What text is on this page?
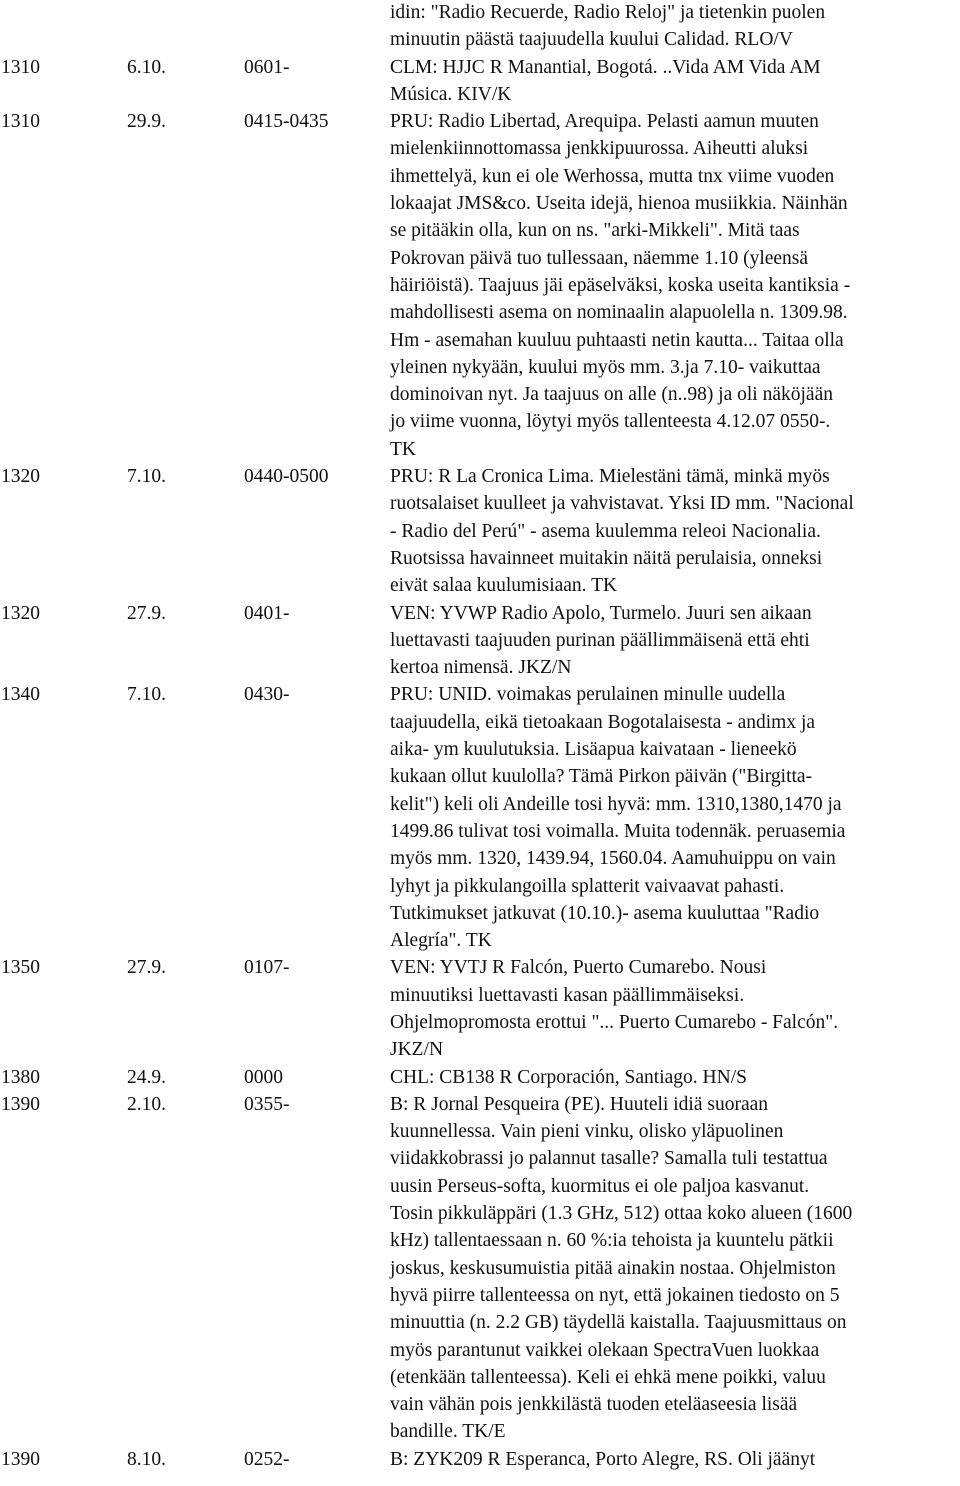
idin: "Radio Recuerde, Radio Reloj" ja tietenkin puolen
minuutin päästä taajuudella kuului Calidad. RLO/V
1310	6.10.	0601-	CLM: HJJC R Manantial, Bogotá. ..Vida AM Vida AM
Música. KIV/K
1310	29.9.	0415-0435	PRU: Radio Libertad, Arequipa. Pelasti aamun muuten
mielenkiinnottomassa jenkkipuurossa. Aiheutti aluksi
ihmettelyä, kun ei ole Werhossa, mutta tnx viime vuoden
lokaajat JMS&co. Useita idejä, hienoa musiikkia. Näinhän
se pitääkin olla, kun on ns. "arki-Mikkeli". Mitä taas
Pokrovan päivä tuo tullessaan, näemme 1.10 (yleensä
häiriöistä). Taajuus jäi epäselväksi, koska useita kantiksia -
mahdollisesti asema on nominaalin alapuolella n. 1309.98.
Hm - asemahan kuuluu puhtaasti netin kautta... Taitaa olla
yleinen nykyään, kuului myös mm. 3.ja 7.10- vaikuttaa
dominoivan nyt. Ja taajuus on alle (n..98) ja oli näköjään
jo viime vuonna, löytyi myös tallenteesta 4.12.07 0550-.
TK
1320	7.10.	0440-0500	PRU: R La Cronica Lima. Mielestäni tämä, minkä myös
ruotsalaiset kuulleet ja vahvistavat. Yksi ID mm. "Nacional
- Radio del Perú" - asema kuulemma releoi Nacionalia.
Ruotsissa havainneet muitakin näitä perulaisia, onneksi
eivät salaa kuulumisiaan. TK
1320	27.9.	0401-	VEN: YVWP Radio Apolo, Turmelo. Juuri sen aikaan
luettavasti taajuuden purinan päällimmäisenä että ehti
kertoa nimensä. JKZ/N
1340	7.10.	0430-	PRU: UNID. voimakas perulainen minulle uudella
taajuudella, eikä tietoakaan Bogotalaisesta - andimx ja
aika- ym kuulutuksia. Lisäapua kaivataan - lieneekö
kukaan ollut kuulolla? Tämä Pirkon päivän ("Birgitta-
kelit") keli oli Andeille tosi hyvä: mm. 1310,1380,1470 ja
1499.86 tulivat tosi voimalla. Muita todennäk. peruasemia
myös mm. 1320, 1439.94, 1560.04. Aamuhuippu on vain
lyhyt ja pikkulangoilla splatterit vaivaavat pahasti.
Tutkimukset jatkuvat (10.10.)- asema kuuluttaa "Radio
Alegría". TK
1350	27.9.	0107-	VEN: YVTJ R Falcón, Puerto Cumarebo. Nousi
minuutiksi luettavasti kasan päällimmäiseksi.
Ohjelmopromosta erottui "... Puerto Cumarebo - Falcón".
JKZ/N
1380	24.9.	0000	CHL: CB138 R Corporación, Santiago. HN/S
1390	2.10.	0355-	B: R Jornal Pesqueira (PE). Huuteli idiä suoraan
kuunnellessa. Vain pieni vinku, olisko yläpuolinen
viidakkobrassi jo palannut tasalle? Samalla tuli testattua
uusin Perseus-softa, kuormitus ei ole paljoa kasvanut.
Tosin pikkuläppäri (1.3 GHz, 512) ottaa koko alueen (1600
kHz) tallentaessaan n. 60 %:ia tehoista ja kuuntelu pätkii
joskus, keskusumuistia pitää ainakin nostaa. Ohjelmiston
hyvä piirre tallenteessa on nyt, että jokainen tiedosto on 5
minuuttia (n. 2.2 GB) täydellä kaistalla. Taajuusmittaus on
myös parantunut vaikkei olekaan SpectraVuen luokkaa
(etenkään tallenteessa). Keli ei ehkä mene poikki, valuu
vain vähän pois jenkkilästä tuoden eteläaseesia lisää
bandille. TK/E
1390	8.10.	0252-	B: ZYK209 R Esperanca, Porto Alegre, RS. Oli jäänyt
